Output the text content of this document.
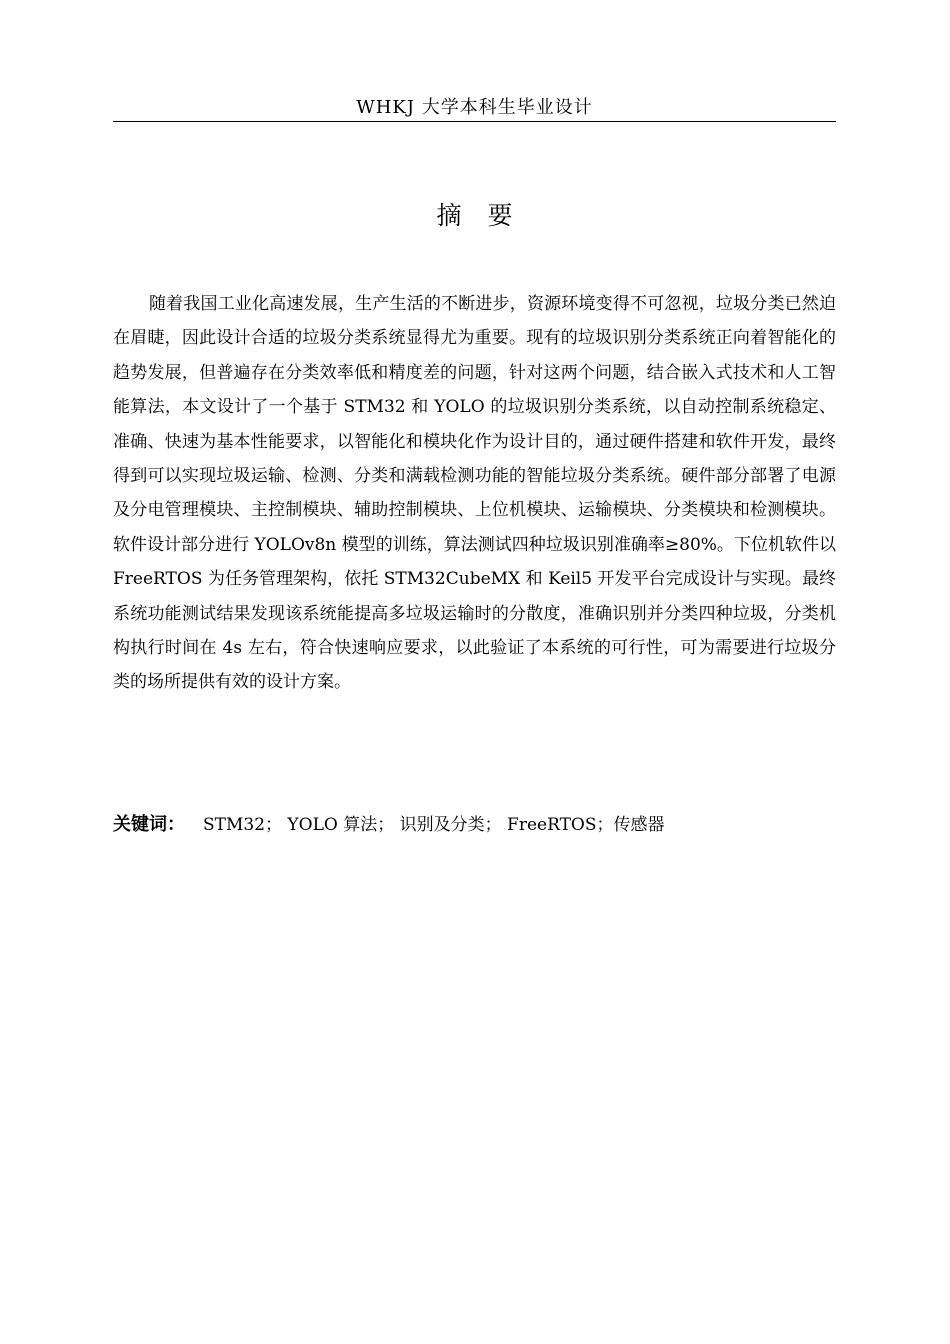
WHKJ 大学本科生毕业设计
摘要

随着我国工业化高速发展，生产生活的不断进步，资源环境变得不可忽视，垃圾分类已然迫在眉睫，因此设计合适的垃圾分类系统显得尤为重要。现有的垃圾识别分类系统正向着智能化的趋势发展，但普遍存在分类效率低和精度差的问题，针对这两个问题，结合嵌入式技术和人工智能算法，本文设计了一个基于 STM32 和 YOLO 的垃圾识别分类系统，以自动控制系统稳定、准确、快速为基本性能要求，以智能化和模块化作为设计目的，通过硬件搭建和软件开发，最终得到可以实现垃圾运输、检测、分类和满载检测功能的智能垃圾分类系统。硬件部分部署了电源及分电管理模块、主控制模块、辅助控制模块、上位机模块、运输模块、分类模块和检测模块。软件设计部分进行 YOLOv8n 模型的训练，算法测试四种垃圾识别准确率≥80%。下位机软件以 FreeRTOS 为任务管理架构，依托 STM32CubeMX 和 Keil5 开发平台完成设计与实现。最终系统功能测试结果发现该系统能提高多垃圾运输时的分散度，准确识别并分类四种垃圾，分类机构执行时间在 4s 左右，符合快速响应要求，以此验证了本系统的可行性，可为需要进行垃圾分类的场所提供有效的设计方案。

关键词： STM32； YOLO 算法； 识别及分类； FreeRTOS；传感器
